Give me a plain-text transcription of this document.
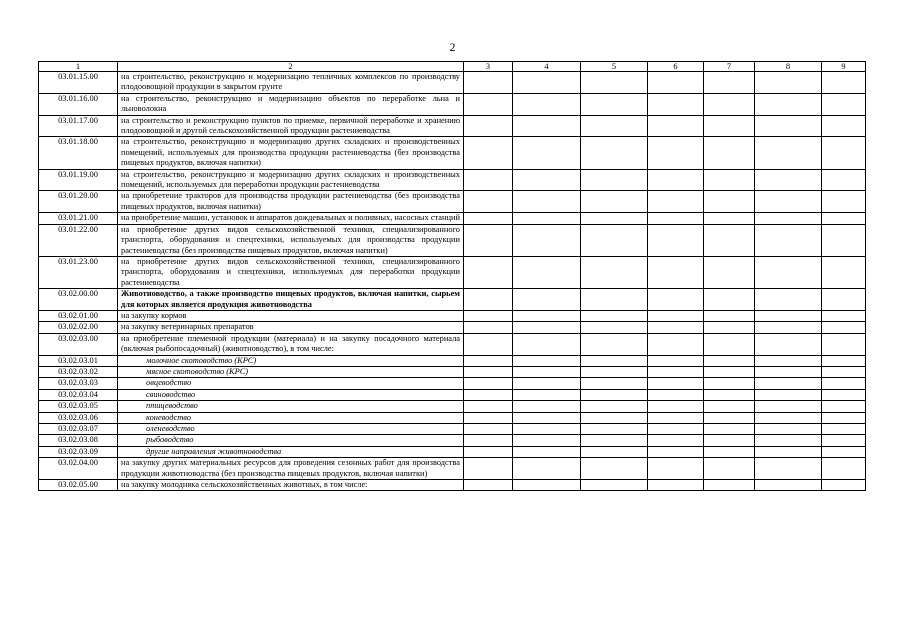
2
1	2	3	4	5	6	7	8	9
03.01.15.00	на строительство, реконструкцию и модернизацию тепличных комплексов по производству плодоовощной продукции в закрытом грунте							
03.01.16.00	на строительство, реконструкцию и модернизацию объектов по переработке льна и льноволокна							
03.01.17.00	на строительство и реконструкцию пунктов по приемке, первичной переработке и хранению плодоовощной и другой сельскохозяйственной продукции растениеводства							
03.01.18.00	на строительство, реконструкцию и модернизацию других складских и производственных помещений, используемых для производства продукции растениеводства (без производства пищевых продуктов, включая напитки)							
03.01.19.00	на строительство, реконструкцию и модернизацию других складских и производственных помещений, используемых для переработки продукции растениеводства							
03.01.20.00	на приобретение тракторов для производства продукции растениеводства (без производства пищевых продуктов, включая напитки)							
03.01.21.00	на приобретение машин, установок и аппаратов дождевальных и поливных, насосных станций							
03.01.22.00	на приобретение других видов сельскохозяйственной техники, специализированного транспорта, оборудования и спецтехники, используемых для производства продукции растениеводства (без производства пищевых продуктов, включая напитки)							
03.01.23.00	на приобретение других видов сельскохозяйственной техники, специализированного транспорта, оборудования и спецтехники, используемых для переработки продукции растениеводства							
03.02.00.00	Животноводство, а также производство пищевых продуктов, включая напитки, сырьем для которых является продукция животноводства							
03.02.01.00	на закупку кормов							
03.02.02.00	на закупку ветеринарных препаратов							
03.02.03.00	на приобретение племенной продукции (материала) и на закупку посадочного материала (включая рыбопосадочный) (животноводство), в том числе:							
03.02.03.01	молочное скотоводство (КРС)							
03.02.03.02	мясное скотоводство (КРС)							
03.02.03.03	овцеводство							
03.02.03.04	свиноводство							
03.02.03.05	птицеводство							
03.02.03.06	коневодство							
03.02.03.07	оленеводство							
03.02.03.08	рыбоводство							
03.02.03.09	другие направления животноводства							
03.02.04.00	на закупку других материальных ресурсов для проведения сезонных работ для производства продукции животноводства (без производства пищевых продуктов, включая напитки)							
03.02.05.00	на закупку молодняка сельскохозяйственных животных, в том числе:							
